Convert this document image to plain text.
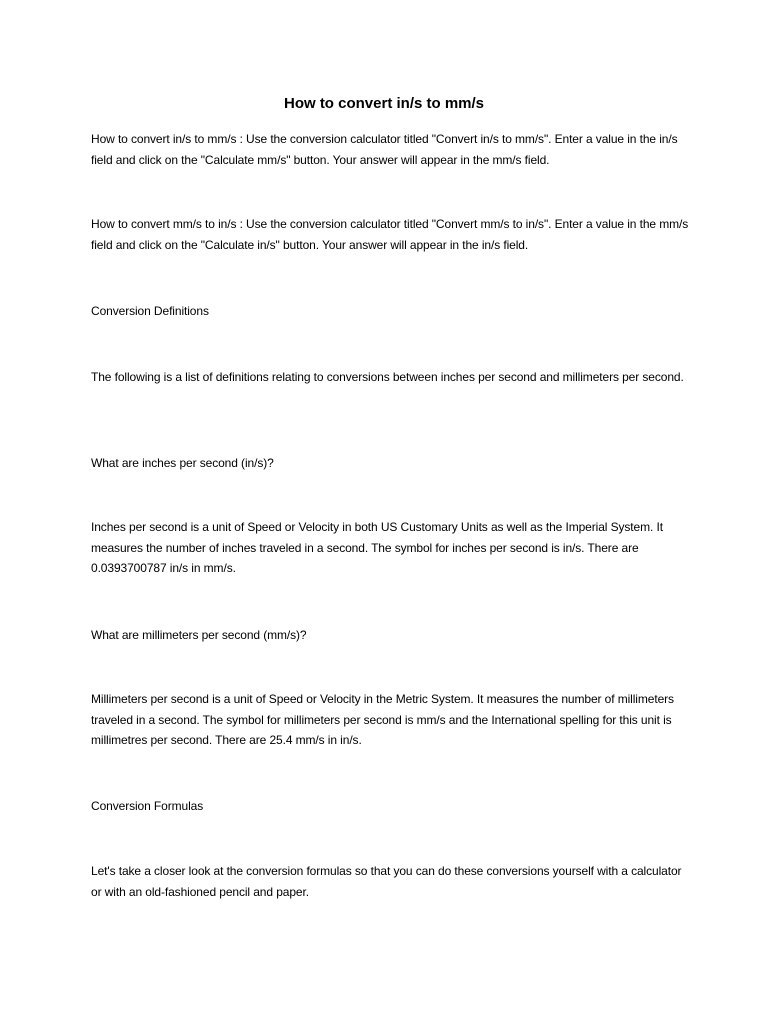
How to convert in/s to mm/s

How to convert in/s to mm/s : Use the conversion calculator titled "Convert in/s to mm/s". Enter a value in the in/s field and click on the "Calculate mm/s" button. Your answer will appear in the mm/s field.

How to convert mm/s to in/s : Use the conversion calculator titled "Convert mm/s to in/s". Enter a value in the mm/s field and click on the "Calculate in/s" button. Your answer will appear in the in/s field.

Conversion Definitions

The following is a list of definitions relating to conversions between inches per second and millimeters per second.

What are inches per second (in/s)?

Inches per second is a unit of Speed or Velocity in both US Customary Units as well as the Imperial System. It measures the number of inches traveled in a second. The symbol for inches per second is in/s. There are 0.0393700787 in/s in mm/s.

What are millimeters per second (mm/s)?

Millimeters per second is a unit of Speed or Velocity in the Metric System. It measures the number of millimeters traveled in a second. The symbol for millimeters per second is mm/s and the International spelling for this unit is millimetres per second. There are 25.4 mm/s in in/s.

Conversion Formulas

Let's take a closer look at the conversion formulas so that you can do these conversions yourself with a calculator or with an old-fashioned pencil and paper.
